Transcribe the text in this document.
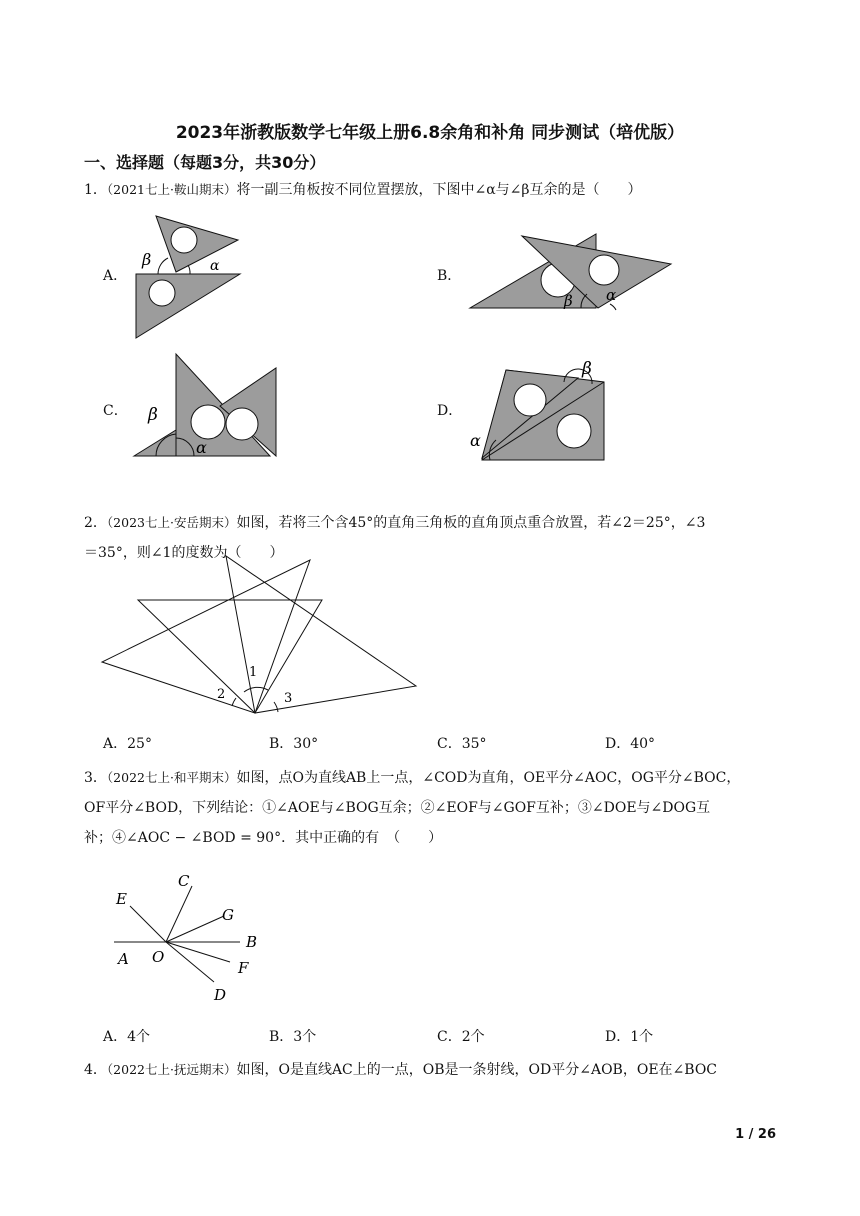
2023年浙教版数学七年级上册6.8余角和补角 同步测试（培优版）
一、选择题（每题3分，共30分）
1．（2021七上·鞍山期末）将一副三角板按不同位置摆放，下图中∠α与∠β互余的是（　　）
A．	B．
C．	D．
β	α
β α
β
α
β
α
2．（2023七上·安岳期末）如图，若将三个含45°的直角三角板的直角顶点重合放置，若∠2＝25°，∠3
＝35°，则∠1的度数为（　　）
1
2	3
A．25°	B．30°	C．35°	D．40°
3．（2022七上·和平期末）如图，点O为直线AB上一点，∠COD为直角，OE平分∠AOC，OG平分∠BOC，
OF平分∠BOD，下列结论：①∠AOE与∠BOG互余；②∠EOF与∠GOF互补；③∠DOE与∠DOG互
补；④∠AOC − ∠BOD = 90°．其中正确的有　（　　）
E
C
G
B
A O
F
D
A．4个	B．3个	C．2个	D．1个
4．（2022七上·抚远期末）如图，O是直线AC上的一点，OB是一条射线，OD平分∠AOB，OE在∠BOC
1 / 26
